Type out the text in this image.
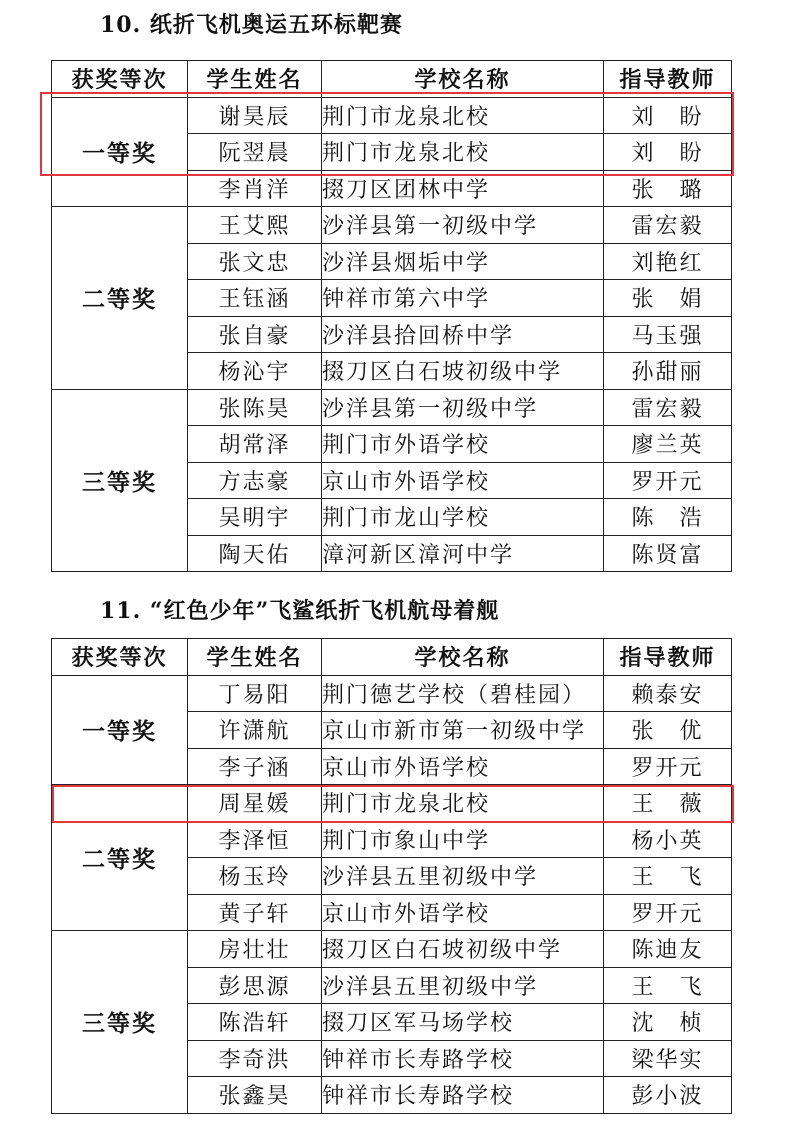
10. 纸折飞机奥运五环标靶赛
获奖等次	学生姓名	学校名称	指导教师
一等奖	谢昊辰	荆门市龙泉北校	刘　盼
	阮翌晨	荆门市龙泉北校	刘　盼
	李肖洋	掇刀区团林中学	张　璐
二等奖	王艾熙	沙洋县第一初级中学	雷宏毅
	张文忠	沙洋县烟垢中学	刘艳红
	王钰涵	钟祥市第六中学	张　娟
	张自豪	沙洋县拾回桥中学	马玉强
	杨沁宇	掇刀区白石坡初级中学	孙甜丽
三等奖	张陈昊	沙洋县第一初级中学	雷宏毅
	胡常泽	荆门市外语学校	廖兰英
	方志豪	京山市外语学校	罗开元
	吴明宇	荆门市龙山学校	陈　浩
	陶天佑	漳河新区漳河中学	陈贤富
11. “红色少年”飞鲨纸折飞机航母着舰
获奖等次	学生姓名	学校名称	指导教师
一等奖	丁易阳	荆门德艺学校（碧桂园）	赖泰安
	许潇航	京山市新市第一初级中学	张　优
	李子涵	京山市外语学校	罗开元
二等奖	周星媛	荆门市龙泉北校	王　薇
	李泽恒	荆门市象山中学	杨小英
	杨玉玲	沙洋县五里初级中学	王　飞
	黄子轩	京山市外语学校	罗开元
三等奖	房壮壮	掇刀区白石坡初级中学	陈迪友
	彭思源	沙洋县五里初级中学	王　飞
	陈浩轩	掇刀区军马场学校	沈　桢
	李奇洪	钟祥市长寿路学校	梁华实
	张鑫昊	钟祥市长寿路学校	彭小波
